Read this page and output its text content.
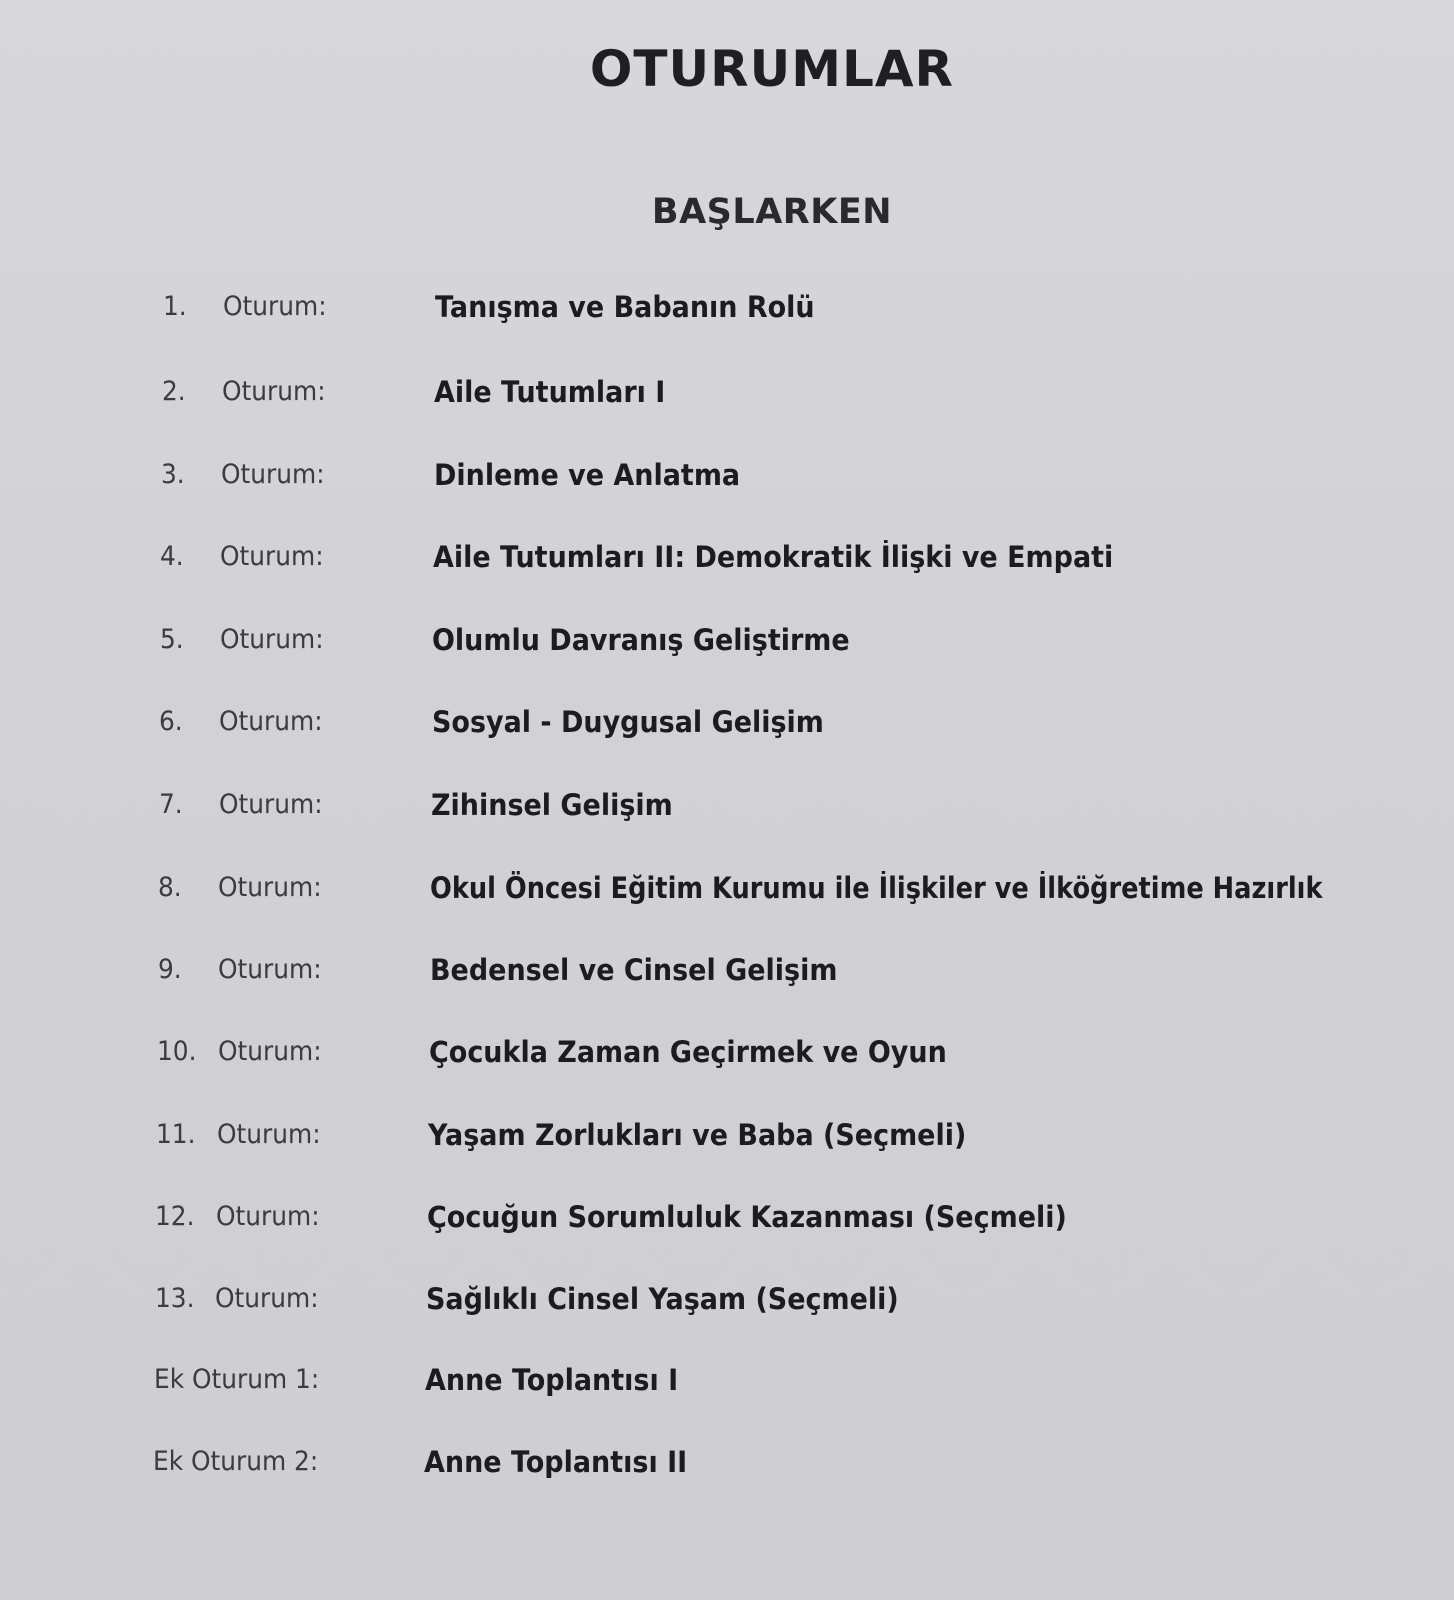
OTURUMLAR
BAŞLARKEN
1. Oturum:	Tanışma ve Babanın Rolü
2. Oturum:	Aile Tutumları I
3. Oturum:	Dinleme ve Anlatma
4. Oturum:	Aile Tutumları II: Demokratik İlişki ve Empati
5. Oturum:	Olumlu Davranış Geliştirme
6. Oturum:	Sosyal - Duygusal Gelişim
7. Oturum:	Zihinsel Gelişim
8. Oturum:	Okul Öncesi Eğitim Kurumu ile İlişkiler ve İlköğretime Hazırlık
9. Oturum:	Bedensel ve Cinsel Gelişim
10. Oturum:	Çocukla Zaman Geçirmek ve Oyun
11. Oturum:	Yaşam Zorlukları ve Baba (Seçmeli)
12. Oturum:	Çocuğun Sorumluluk Kazanması (Seçmeli)
13. Oturum:	Sağlıklı Cinsel Yaşam (Seçmeli)
Ek Oturum 1:	Anne Toplantısı I
Ek Oturum 2:	Anne Toplantısı II
